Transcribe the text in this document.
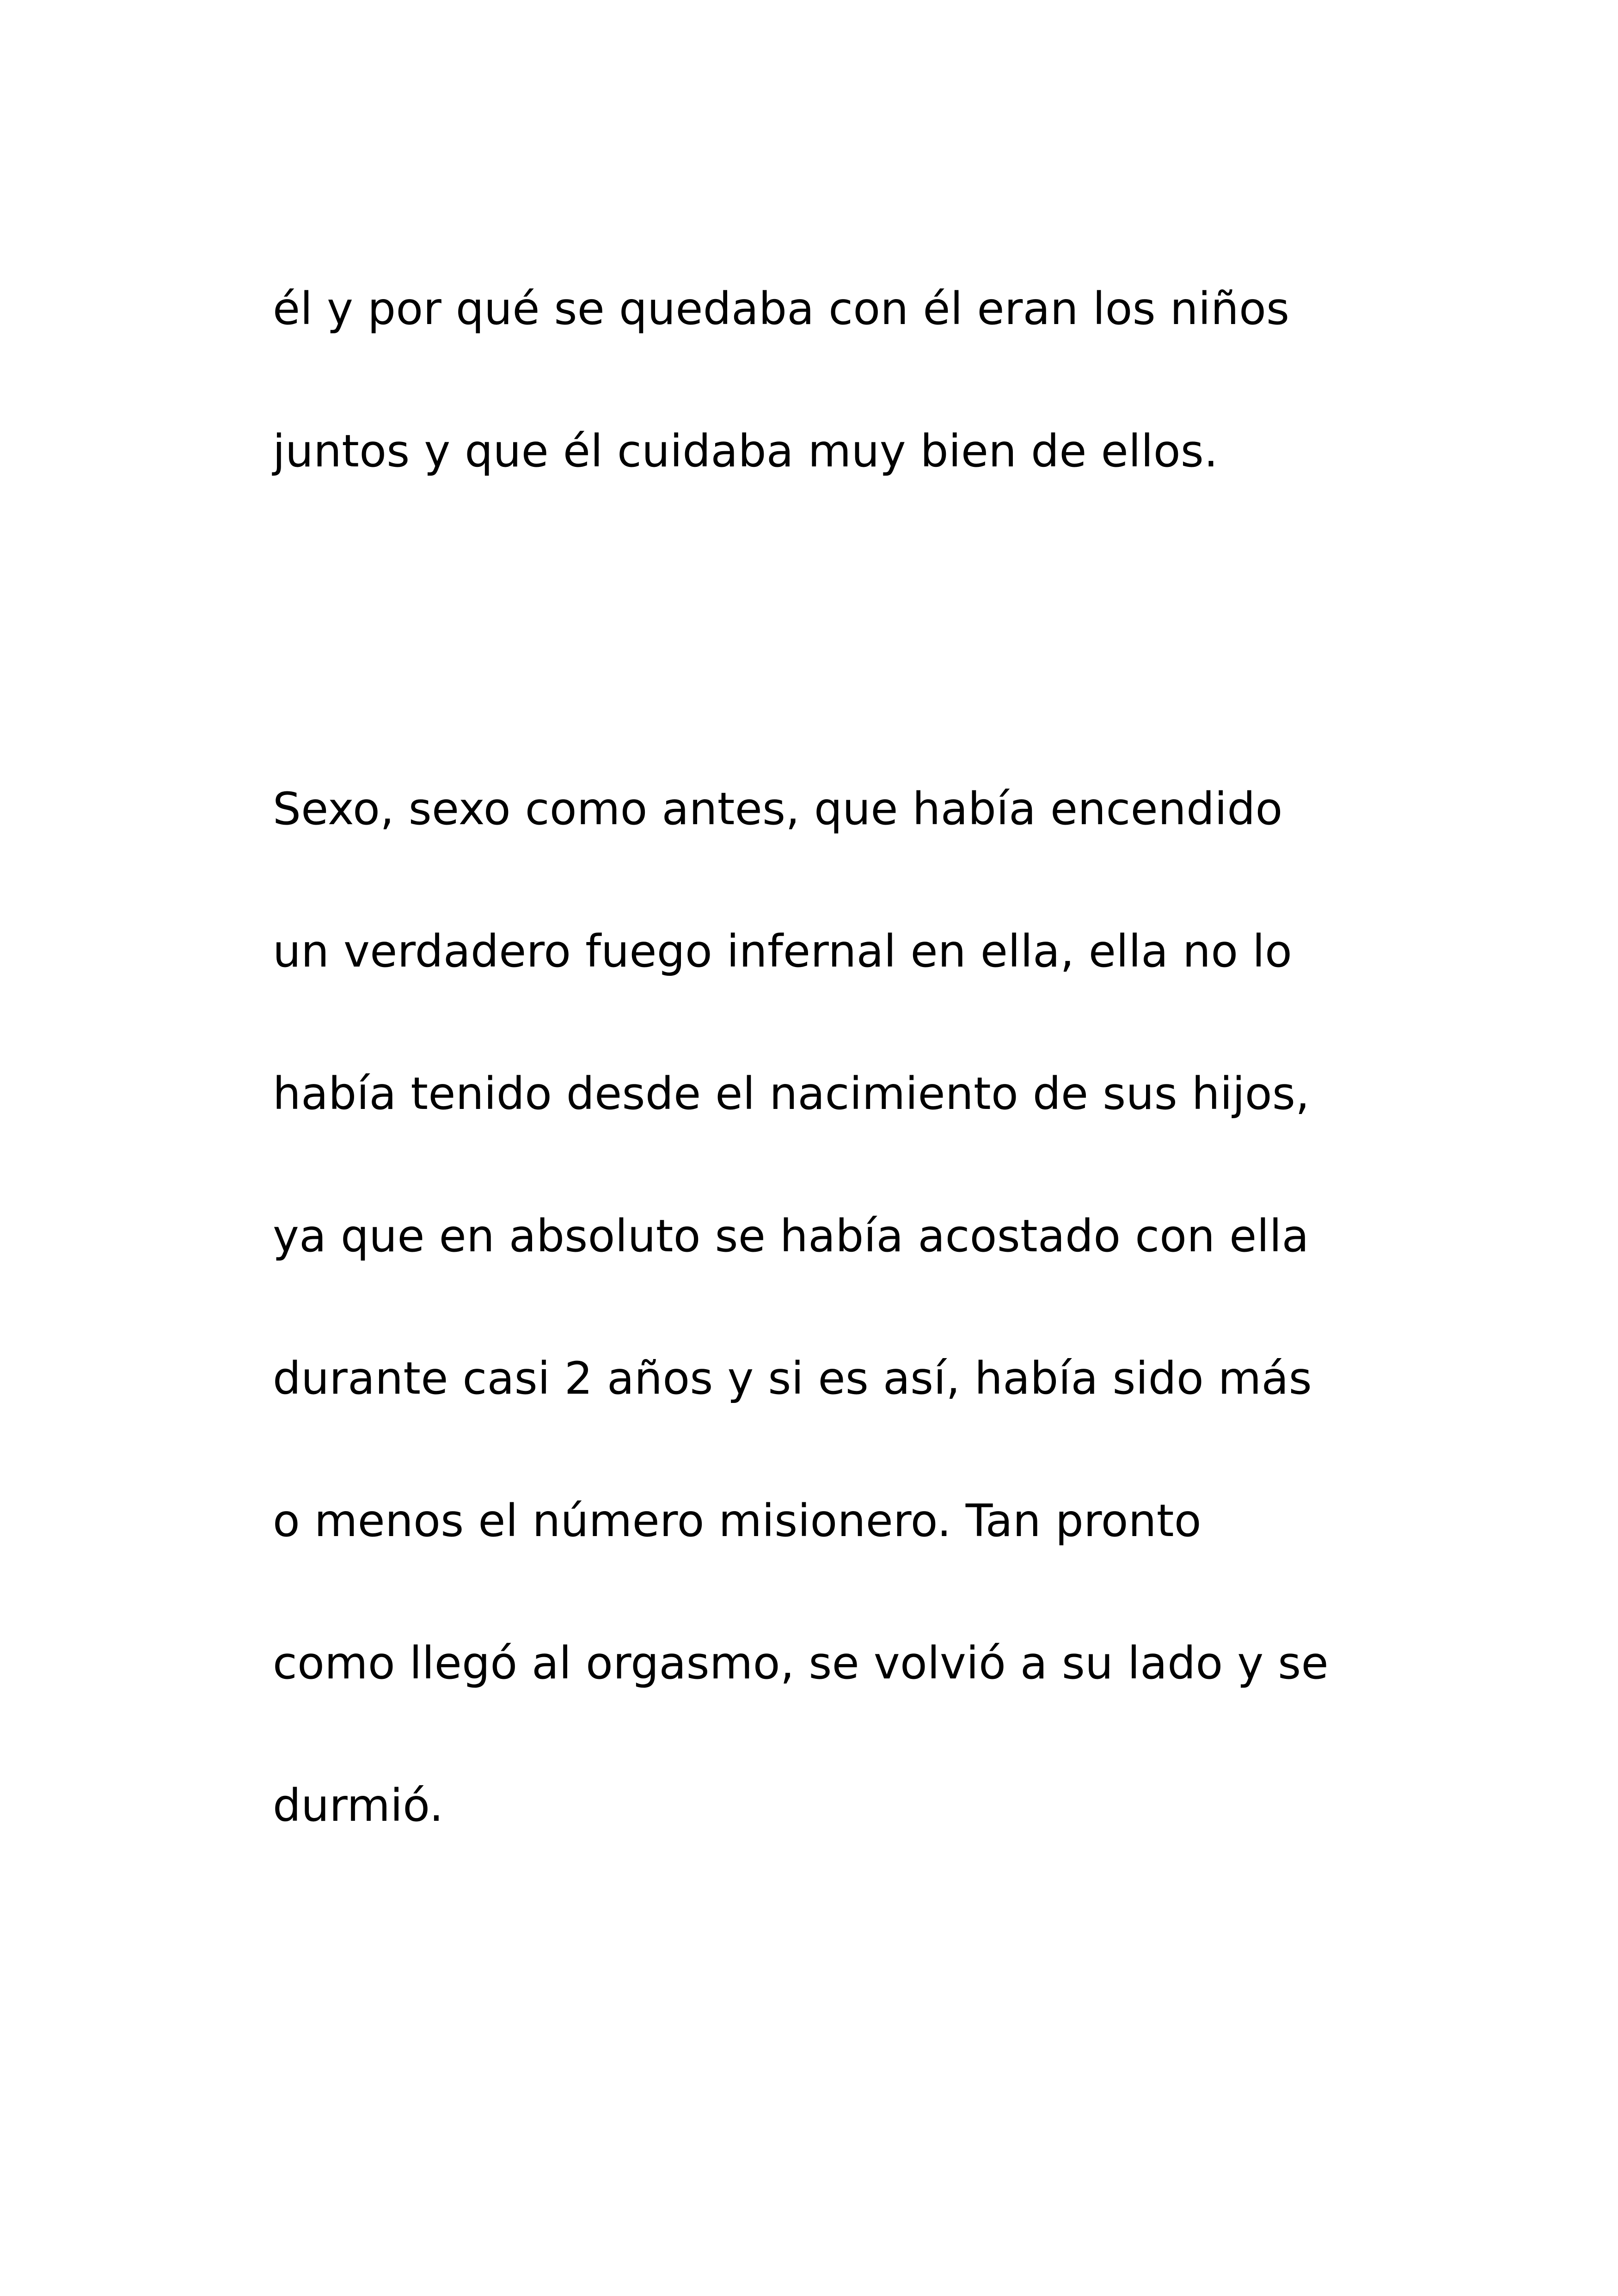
él y por qué se quedaba con él eran los niños
juntos y que él cuidaba muy bien de ellos.
Sexo, sexo como antes, que había encendido
un verdadero fuego infernal en ella, ella no lo
había tenido desde el nacimiento de sus hijos,
ya que en absoluto se había acostado con ella
durante casi 2 años y si es así, había sido más
o menos el número misionero. Tan pronto
como llegó al orgasmo, se volvió a su lado y se
durmió.
